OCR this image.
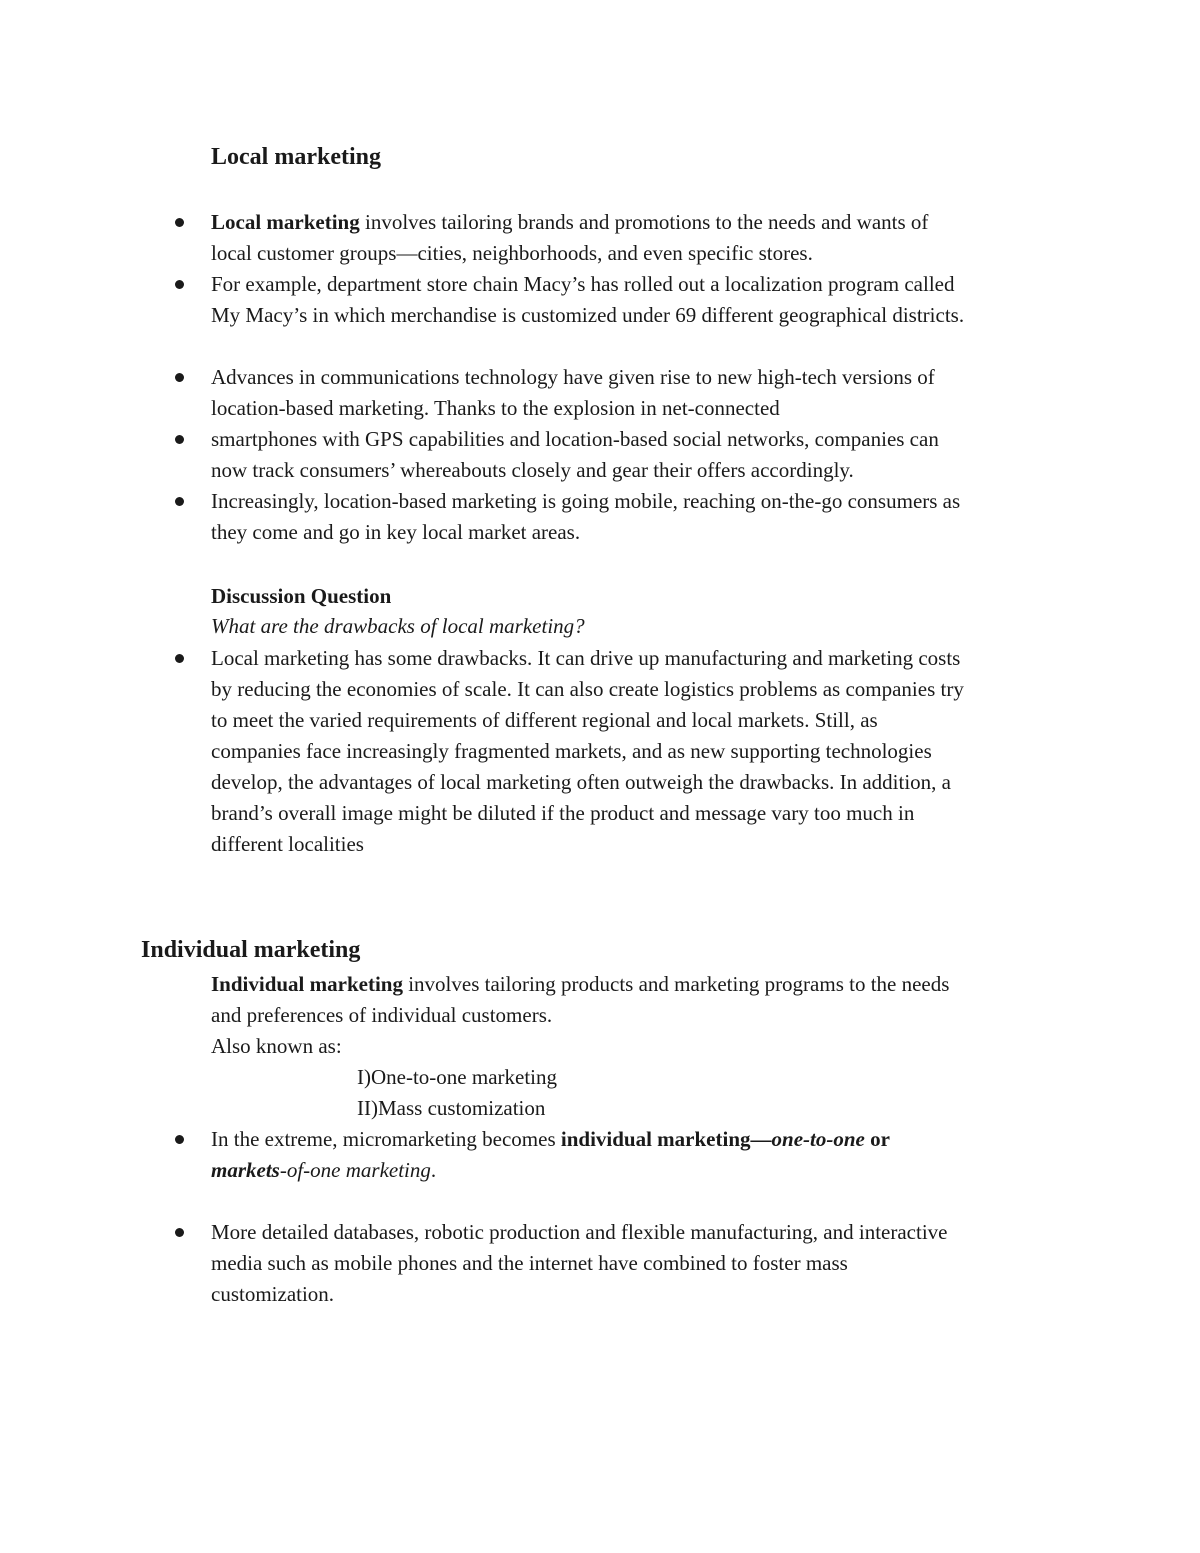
Local marketing
Local marketing involves tailoring brands and promotions to the needs and wants of
local customer groups—cities, neighborhoods, and even specific stores.
For example, department store chain Macy’s has rolled out a localization program called
My Macy’s in which merchandise is customized under 69 different geographical districts.
Advances in communications technology have given rise to new high-tech versions of
location-based marketing. Thanks to the explosion in net-connected
smartphones with GPS capabilities and location-based social networks, companies can
now track consumers’ whereabouts closely and gear their offers accordingly.
Increasingly, location-based marketing is going mobile, reaching on-the-go consumers as
they come and go in key local market areas.
Discussion Question
What are the drawbacks of local marketing?
Local marketing has some drawbacks. It can drive up manufacturing and marketing costs
by reducing the economies of scale. It can also create logistics problems as companies try
to meet the varied requirements of different regional and local markets. Still, as
companies face increasingly fragmented markets, and as new supporting technologies
develop, the advantages of local marketing often outweigh the drawbacks. In addition, a
brand’s overall image might be diluted if the product and message vary too much in
different localities
Individual marketing
Individual marketing involves tailoring products and marketing programs to the needs
and preferences of individual customers.
Also known as:
I)One-to-one marketing
II)Mass customization
In the extreme, micromarketing becomes individual marketing—one-to-one or
markets-of-one marketing.
More detailed databases, robotic production and flexible manufacturing, and interactive
media such as mobile phones and the internet have combined to foster mass
customization.
